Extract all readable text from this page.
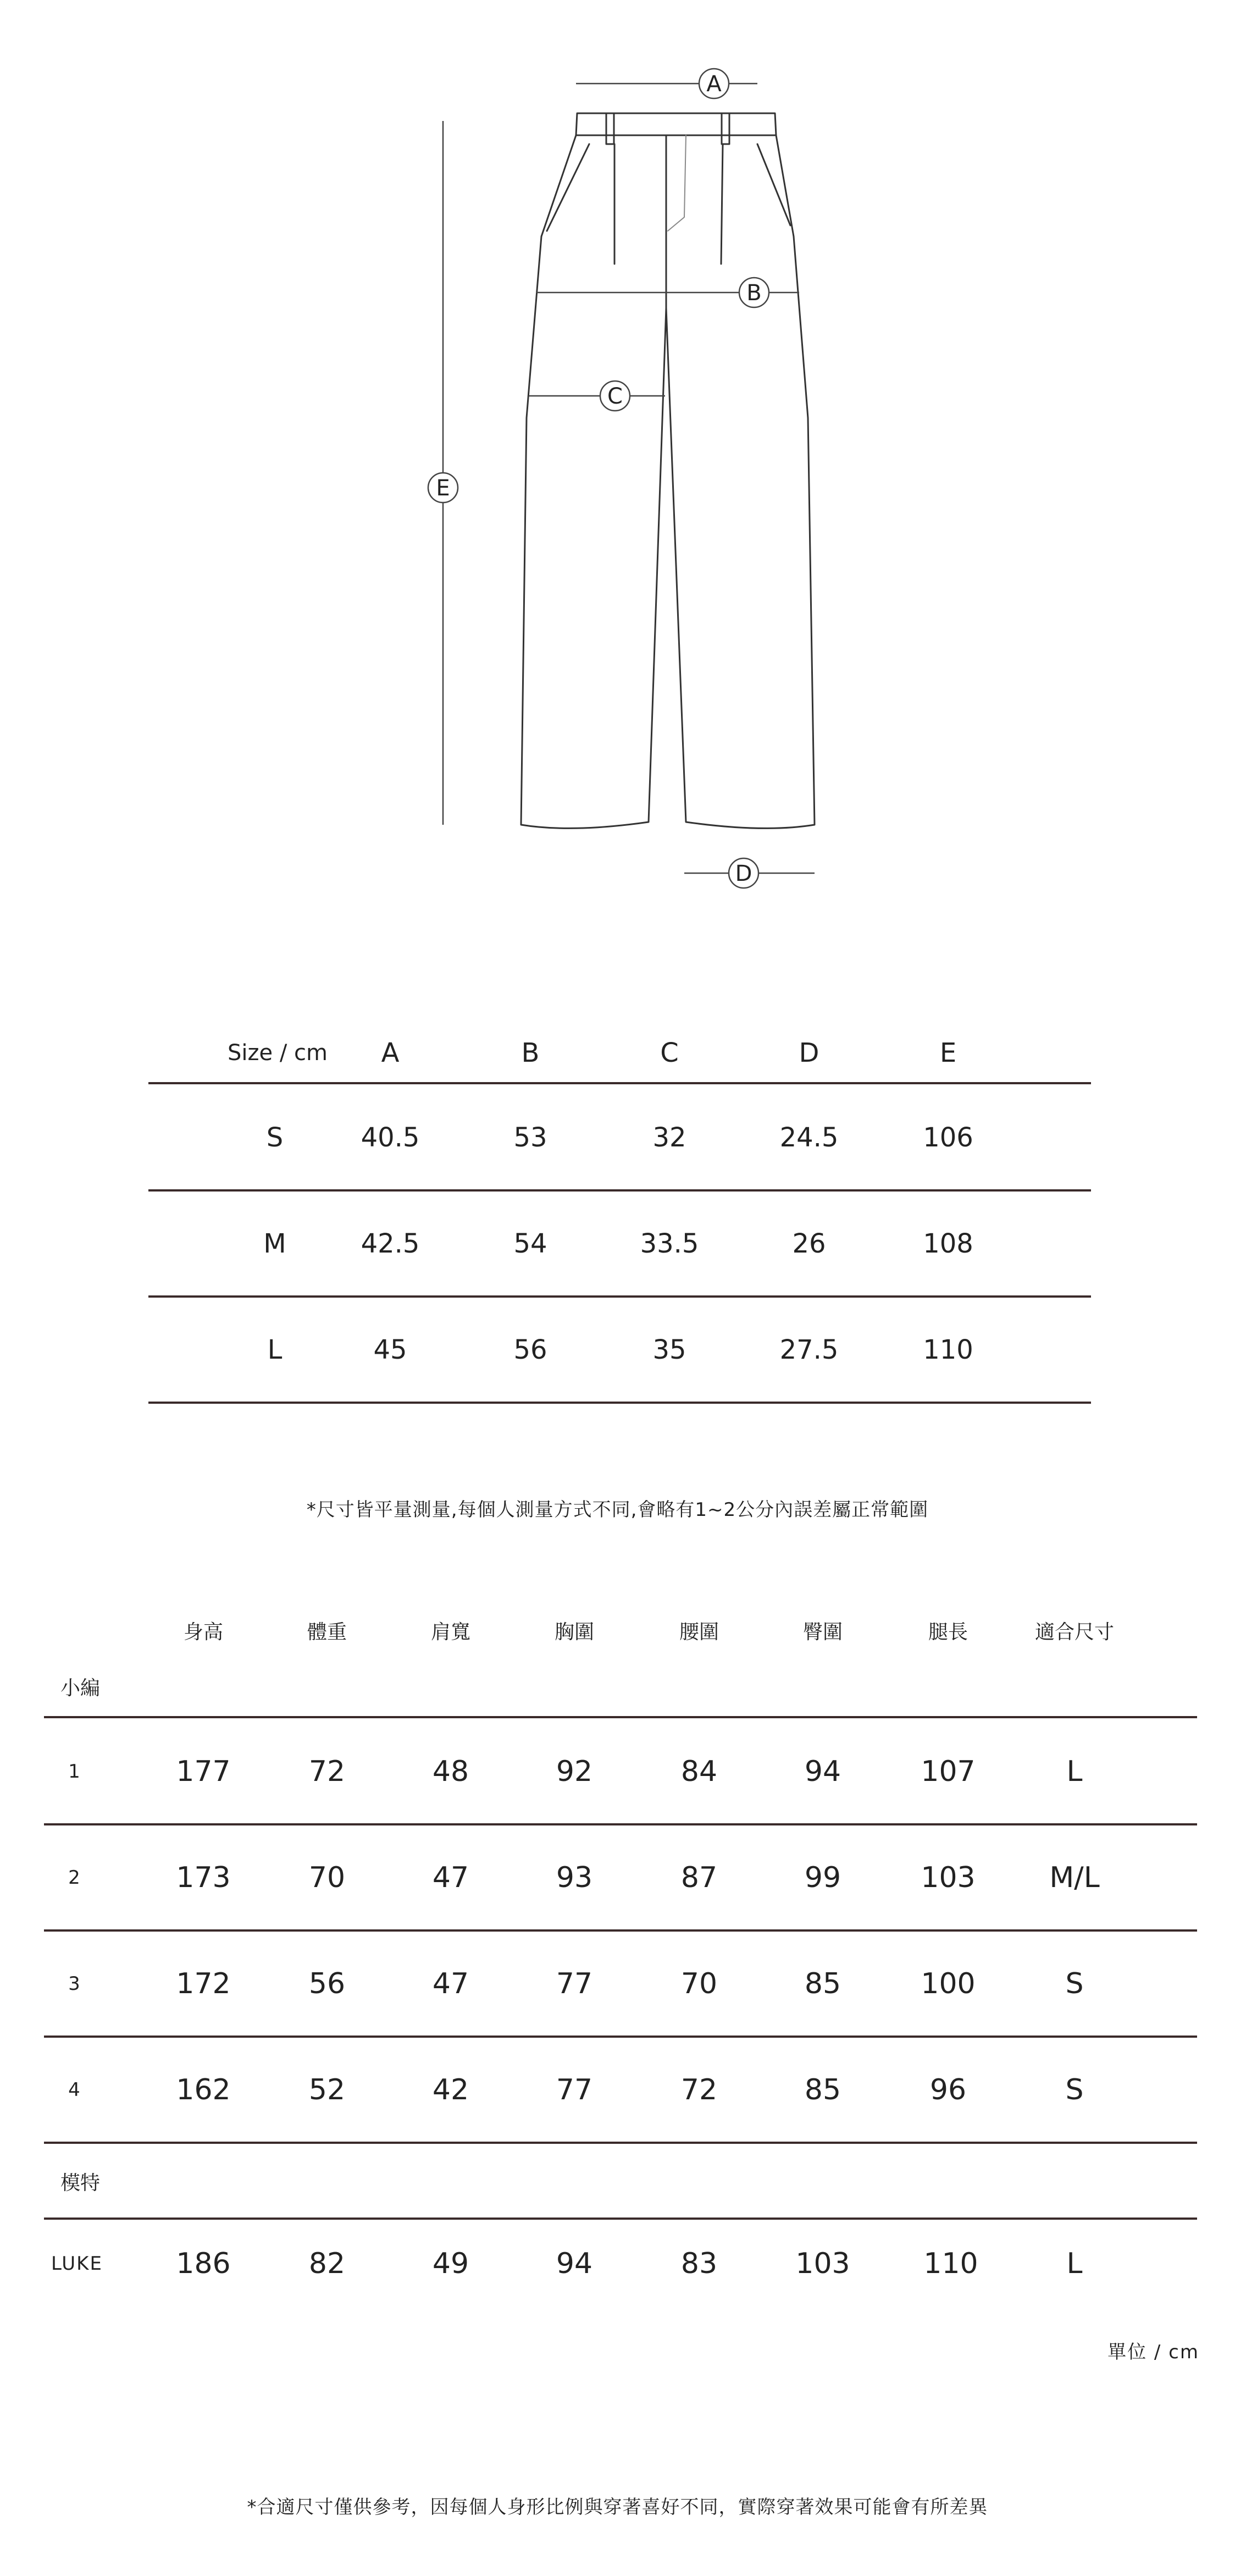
A
B
C
D
E
Size / cm	A	B	C	D	E
S	40.5	53	32	24.5	106
M	42.5	54	33.5	26	108
L	45	56	35	27.5	110
*尺寸皆平量測量,每個人測量方式不同,會略有1~2公分內誤差屬正常範圍
身高	體重	肩寬	胸圍	腰圍	臀圍	腿長	適合尺寸
小編
1	177	72	48	92	84	94	107	L
2	173	70	47	93	87	99	103	M/L
3	172	56	47	77	70	85	100	S
4	162	52	42	77	72	85	96	S
模特
LUKE	186	82	49	94	83	103	110	L
單位 / cm
*合適尺寸僅供參考，因每個人身形比例與穿著喜好不同，實際穿著效果可能會有所差異
